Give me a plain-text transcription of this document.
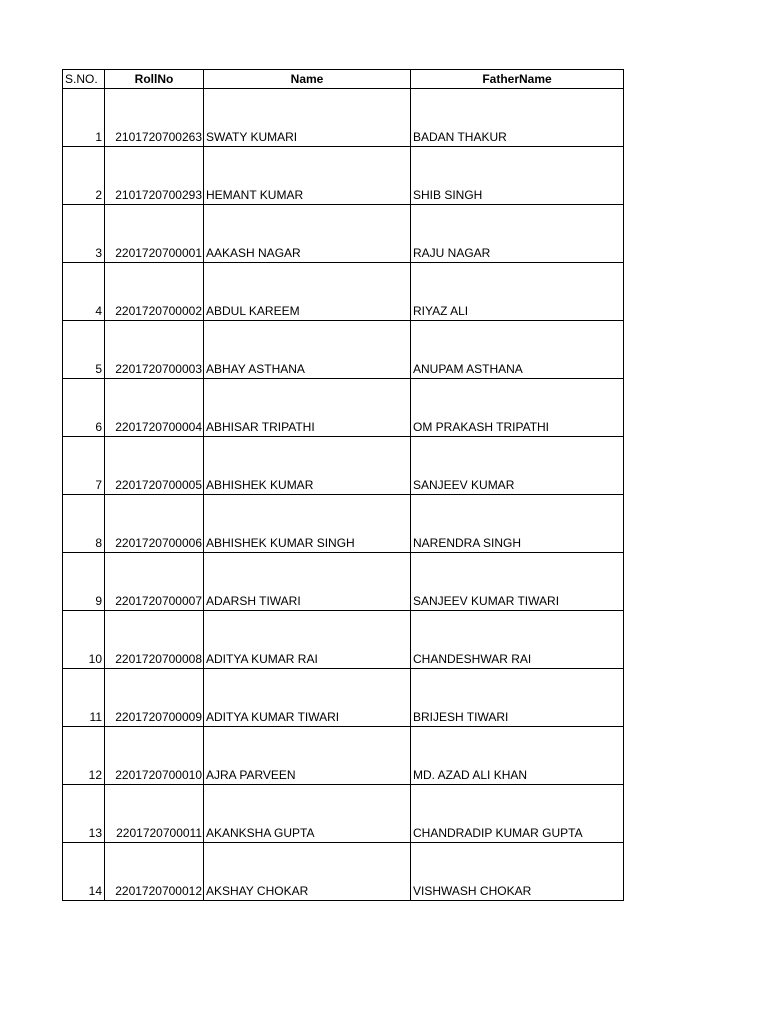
S.NO.	RollNo	Name	FatherName
1	2101720700263	SWATY KUMARI	BADAN THAKUR
2	2101720700293	HEMANT KUMAR	SHIB SINGH
3	2201720700001	AAKASH NAGAR	RAJU NAGAR
4	2201720700002	ABDUL KAREEM	RIYAZ ALI
5	2201720700003	ABHAY ASTHANA	ANUPAM ASTHANA
6	2201720700004	ABHISAR TRIPATHI	OM PRAKASH TRIPATHI
7	2201720700005	ABHISHEK KUMAR	SANJEEV KUMAR
8	2201720700006	ABHISHEK KUMAR SINGH	NARENDRA SINGH
9	2201720700007	ADARSH TIWARI	SANJEEV KUMAR TIWARI
10	2201720700008	ADITYA KUMAR RAI	CHANDESHWAR RAI
11	2201720700009	ADITYA KUMAR TIWARI	BRIJESH TIWARI
12	2201720700010	AJRA PARVEEN	MD. AZAD ALI KHAN
13	2201720700011	AKANKSHA GUPTA	CHANDRADIP KUMAR GUPTA
14	2201720700012	AKSHAY CHOKAR	VISHWASH CHOKAR
